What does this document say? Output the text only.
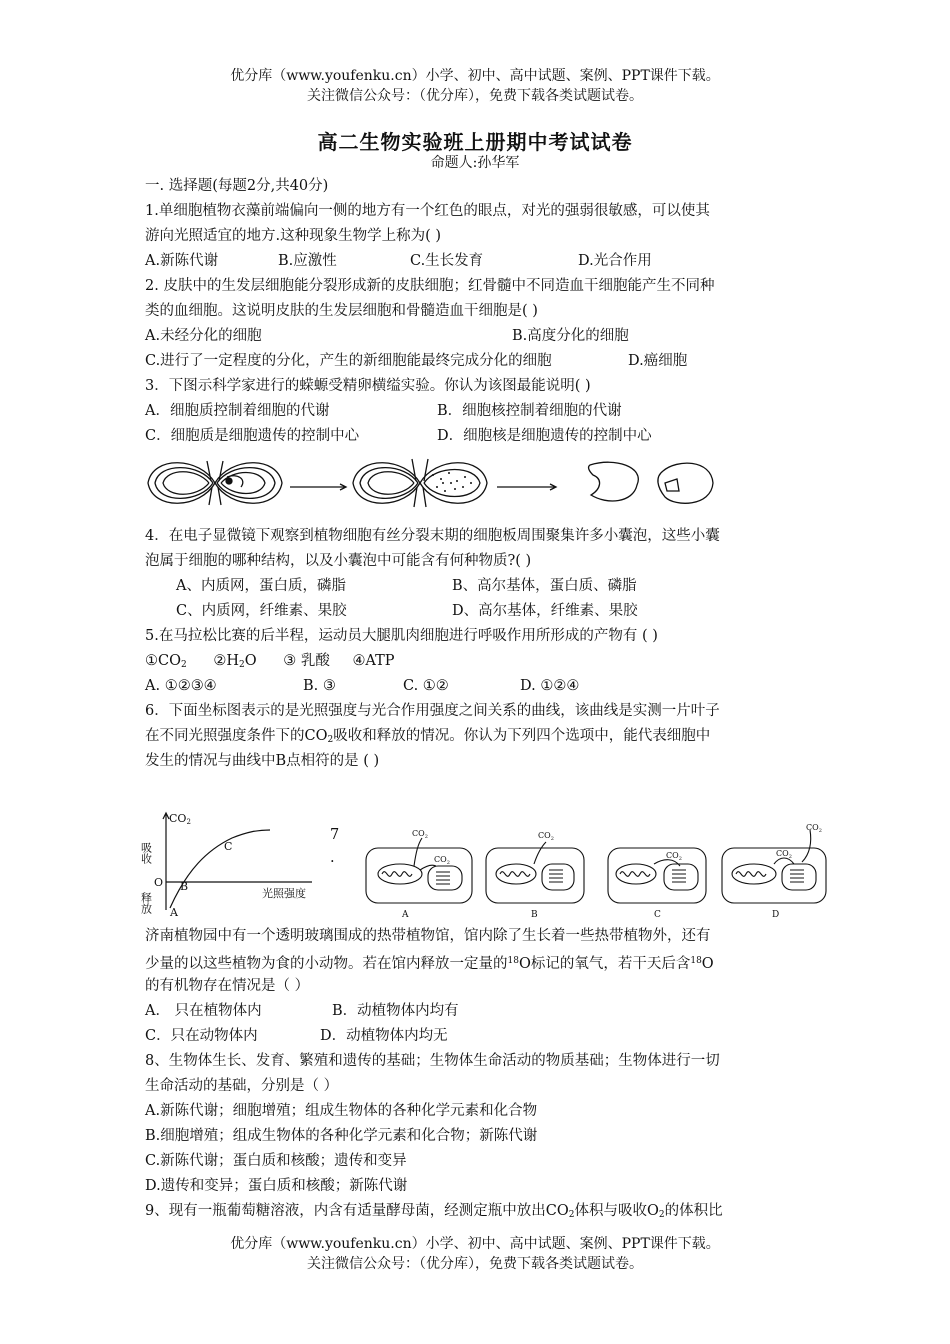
优分库（www.youfenku.cn）小学、初中、高中试题、案例、PPT课件下载。
关注微信公众号：（优分库），免费下载各类试题试卷。
高二生物实验班上册期中考试试卷
命题人:孙华军
一. 选择题(每题2分,共40分)
1.单细胞植物衣藻前端偏向一侧的地方有一个红色的眼点，对光的强弱很敏感，可以使其
游向光照适宜的地方.这种现象生物学上称为( )
A.新陈代谢	B.应激性	C.生长发育	D.光合作用
2. 皮肤中的生发层细胞能分裂形成新的皮肤细胞；红骨髓中不同造血干细胞能产生不同种
类的血细胞。这说明皮肤的生发层细胞和骨髓造血干细胞是( )
A.未经分化的细胞	B.高度分化的细胞
C.进行了一定程度的分化，产生的新细胞能最终完成分化的细胞	D.癌细胞
3．下图示科学家进行的蝾螈受精卵横缢实验。你认为该图最能说明( )
A．细胞质控制着细胞的代谢	B．细胞核控制着细胞的代谢
C．细胞质是细胞遗传的控制中心	D．细胞核是细胞遗传的控制中心
4．在电子显微镜下观察到植物细胞有丝分裂末期的细胞板周围聚集许多小囊泡，这些小囊
泡属于细胞的哪种结构，以及小囊泡中可能含有何种物质?( )
A、内质网，蛋白质，磷脂	B、高尔基体，蛋白质、磷脂
C、内质网，纤维素、果胶	D、高尔基体，纤维素、果胶
5.在马拉松比赛的后半程，运动员大腿肌肉细胞进行呼吸作用所形成的产物有 ( )
$①CO_2$ $②H_2O$ ③ 乳酸 ④ATP
A. ①②③④	B. ③	C. ①②	D. ①②④
6．下面坐标图表示的是光照强度与光合作用强度之间关系的曲线，该曲线是实测一片叶子
在不同光照强度条件下的$CO_2$吸收和释放的情况。你认为下列四个选项中，能代表细胞中
发生的情况与曲线中B点相符的是 ( )
CO2
吸收
释放
O
光照强度
A
B
C
7
.
$CO_2$
$CO_2$
$CO_2$
$CO_2$
$CO_2$
$CO_2$
A	B	C	D
济南植物园中有一个透明玻璃围成的热带植物馆，馆内除了生长着一些热带植物外，还有
少量的以这些植物为食的小动物。若在馆内释放一定量的$^{18}$O标记的氧气，若干天后含$^{18}$O
的有机物存在情况是（ ）
A． 只在植物体内	B．动植物体内均有
C．只在动物体内	D．动植物体内均无
8、生物体生长、发育、繁殖和遗传的基础；生物体生命活动的物质基础；生物体进行一切
生命活动的基础，分别是（ ）
A.新陈代谢；细胞增殖；组成生物体的各种化学元素和化合物
B.细胞增殖；组成生物体的各种化学元素和化合物；新陈代谢
C.新陈代谢；蛋白质和核酸；遗传和变异
D.遗传和变异；蛋白质和核酸；新陈代谢
9、现有一瓶葡萄糖溶液，内含有适量酵母菌，经测定瓶中放出$CO_2$体积与吸收$O_2$的体积比
优分库（www.youfenku.cn）小学、初中、高中试题、案例、PPT课件下载。
关注微信公众号：（优分库），免费下载各类试题试卷。
